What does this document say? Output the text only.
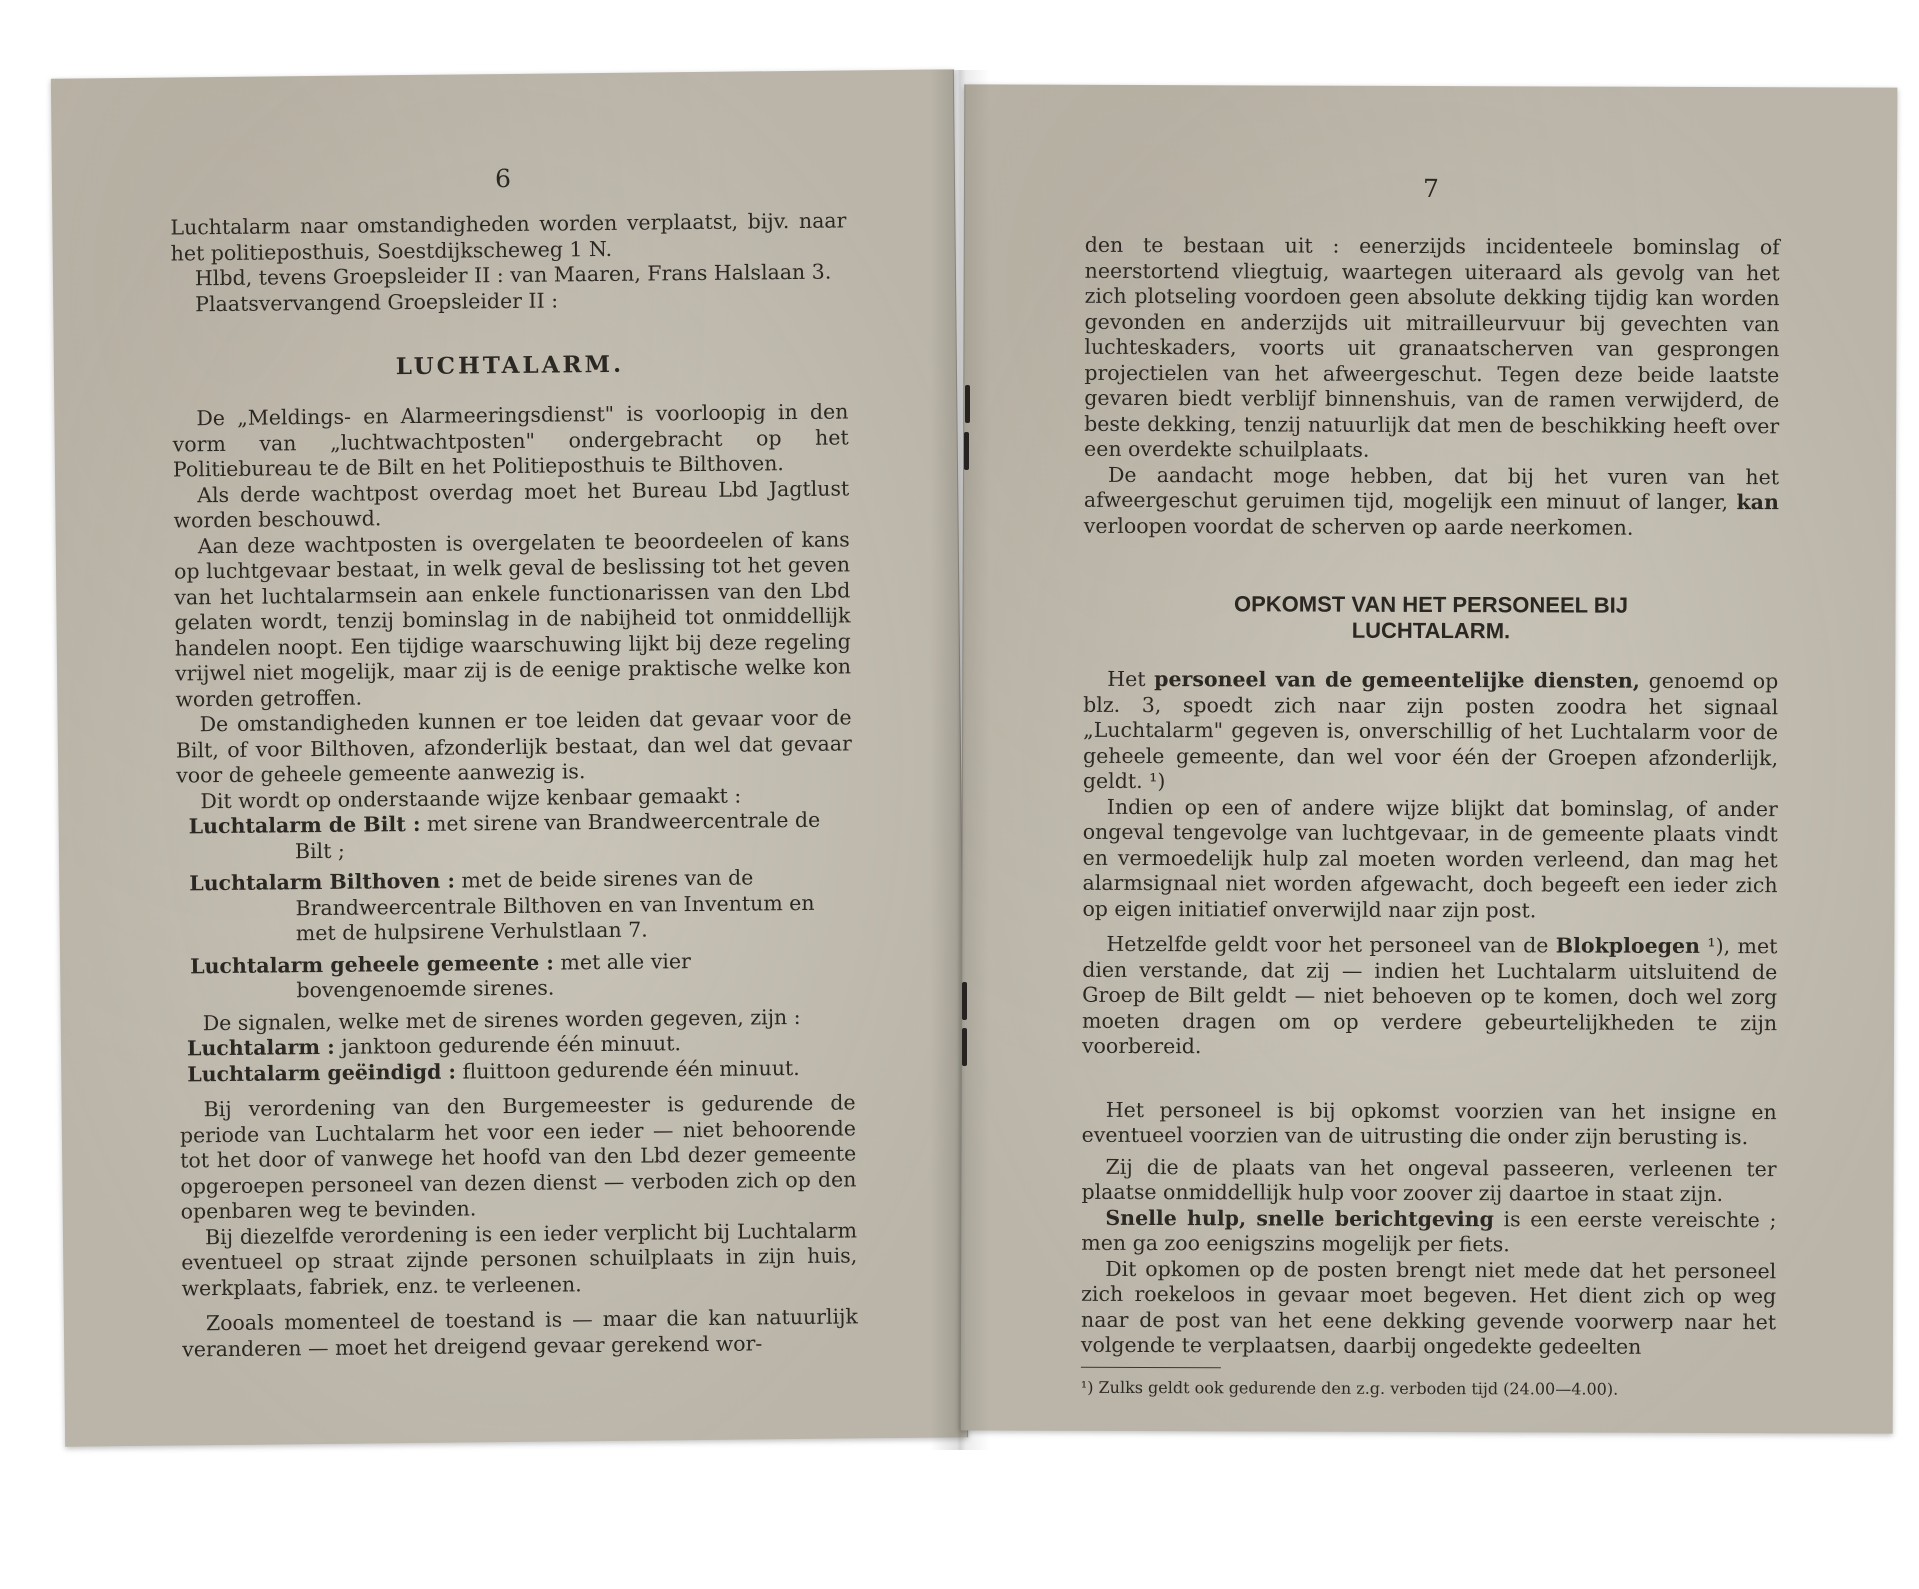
6

Luchtalarm naar omstandigheden worden verplaatst, bijv. naar het politieposthuis, Soestdijkscheweg 1 N.

Hlbd, tevens Groepsleider II : van Maaren, Frans Halslaan 3.

Plaatsvervangend Groepsleider II :

LUCHTALARM.

De „Meldings- en Alarmeeringsdienst" is voorloopig in den vorm van „luchtwachtposten" ondergebracht op het Politiebureau te de Bilt en het Politieposthuis te Bilthoven.

Als derde wachtpost overdag moet het Bureau Lbd Jagtlust worden beschouwd.

Aan deze wachtposten is overgelaten te beoordeelen of kans op luchtgevaar bestaat, in welk geval de beslissing tot het geven van het luchtalarmsein aan enkele functionarissen van den Lbd gelaten wordt, tenzij bominslag in de nabijheid tot onmiddellijk handelen noopt. Een tijdige waarschuwing lijkt bij deze regeling vrijwel niet mogelijk, maar zij is de eenige praktische welke kon worden getroffen.

De omstandigheden kunnen er toe leiden dat gevaar voor de Bilt, of voor Bilthoven, afzonderlijk bestaat, dan wel dat gevaar voor de geheele gemeente aanwezig is.

Dit wordt op onderstaande wijze kenbaar gemaakt :

Luchtalarm de Bilt : met sirene van Brandweercentrale de Bilt ;
Luchtalarm Bilthoven : met de beide sirenes van de Brandweercentrale Bilthoven en van Inventum en met de hulpsirene Verhulstlaan 7.
Luchtalarm geheele gemeente : met alle vier bovengenoemde sirenes.

De signalen, welke met de sirenes worden gegeven, zijn :

Luchtalarm : janktoon gedurende één minuut.
Luchtalarm geëindigd : fluittoon gedurende één minuut.

Bij verordening van den Burgemeester is gedurende de periode van Luchtalarm het voor een ieder — niet behoorende tot het door of vanwege het hoofd van den Lbd dezer gemeente opgeroepen personeel van dezen dienst — verboden zich op den openbaren weg te bevinden.

Bij diezelfde verordening is een ieder verplicht bij Luchtalarm eventueel op straat zijnde personen schuilplaats in zijn huis, werkplaats, fabriek, enz. te verleenen.

Zooals momenteel de toestand is — maar die kan natuurlijk veranderen — moet het dreigend gevaar gerekend wor-

7

den te bestaan uit : eenerzijds incidenteele bominslag of neerstortend vliegtuig, waartegen uiteraard als gevolg van het zich plotseling voordoen geen absolute dekking tijdig kan worden gevonden en anderzijds uit mitrailleurvuur bij gevechten van luchteskaders, voorts uit granaatscherven van gesprongen projectielen van het afweergeschut. Tegen deze beide laatste gevaren biedt verblijf binnenshuis, van de ramen verwijderd, de beste dekking, tenzij natuurlijk dat men de beschikking heeft over een overdekte schuilplaats.

De aandacht moge hebben, dat bij het vuren van het afweergeschut geruimen tijd, mogelijk een minuut of langer, kan verloopen voordat de scherven op aarde neerkomen.

OPKOMST VAN HET PERSONEEL BIJ
LUCHTALARM.

Het personeel van de gemeentelijke diensten, genoemd op blz. 3, spoedt zich naar zijn posten zoodra het signaal „Luchtalarm" gegeven is, onverschillig of het Luchtalarm voor de geheele gemeente, dan wel voor één der Groepen afzonderlijk, geldt. ¹)

Indien op een of andere wijze blijkt dat bominslag, of ander ongeval tengevolge van luchtgevaar, in de gemeente plaats vindt en vermoedelijk hulp zal moeten worden verleend, dan mag het alarmsignaal niet worden afgewacht, doch begeeft een ieder zich op eigen initiatief onverwijld naar zijn post.

Hetzelfde geldt voor het personeel van de Blokploegen ¹), met dien verstande, dat zij — indien het Luchtalarm uitsluitend de Groep de Bilt geldt — niet behoeven op te komen, doch wel zorg moeten dragen om op verdere gebeurtelijkheden te zijn voorbereid.

Het personeel is bij opkomst voorzien van het insigne en eventueel voorzien van de uitrusting die onder zijn berusting is.

Zij die de plaats van het ongeval passeeren, verleenen ter plaatse onmiddellijk hulp voor zoover zij daartoe in staat zijn.

Snelle hulp, snelle berichtgeving is een eerste vereischte ; men ga zoo eenigszins mogelijk per fiets.

Dit opkomen op de posten brengt niet mede dat het personeel zich roekeloos in gevaar moet begeven. Het dient zich op weg naar de post van het eene dekking gevende voorwerp naar het volgende te verplaatsen, daarbij ongedekte gedeelten

¹) Zulks geldt ook gedurende den z.g. verboden tijd (24.00—4.00).
